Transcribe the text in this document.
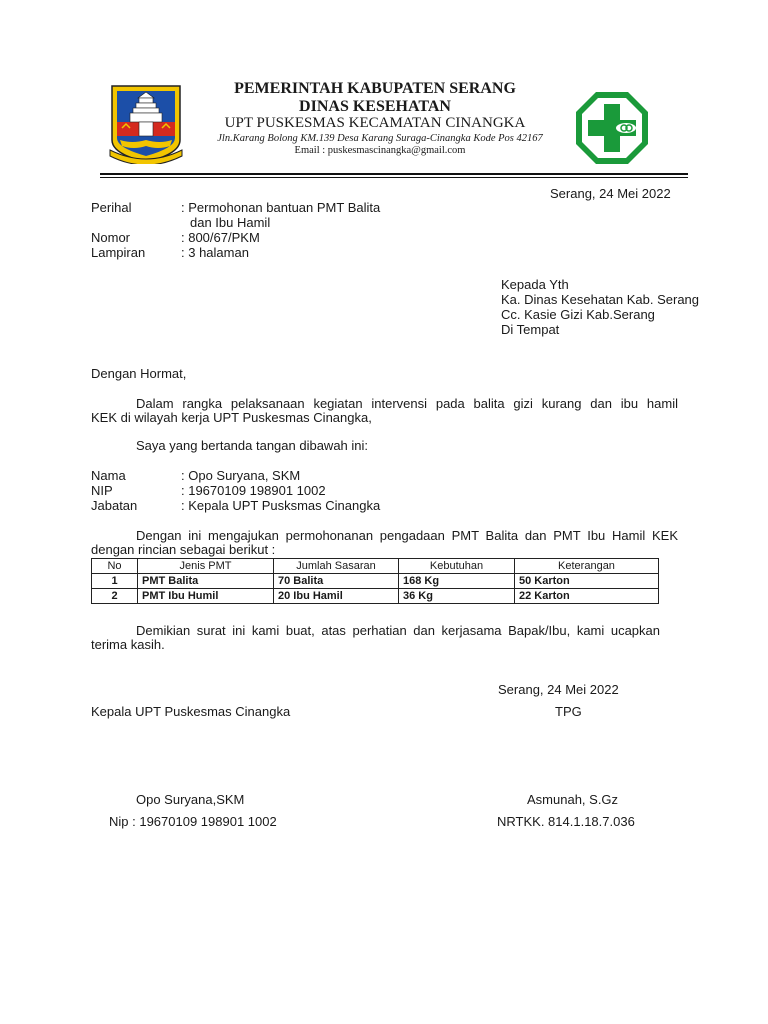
PEMERINTAH KABUPATEN SERANG
DINAS KESEHATAN
UPT PUSKESMAS KECAMATAN CINANGKA
Jln.Karang Bolong KM.139 Desa Karang Suraga-Cinangka Kode Pos 42167
Email : puskesmascinangka@gmail.com
Serang, 24 Mei 2022
Perihal	: Permohonan bantuan PMT Balita
dan Ibu Hamil
Nomor	: 800/67/PKM
Lampiran	: 3 halaman
Kepada Yth
Ka. Dinas Kesehatan Kab. Serang
Cc. Kasie Gizi Kab.Serang
Di Tempat
Dengan Hormat,
Dalam rangka pelaksanaan kegiatan intervensi pada balita gizi kurang dan ibu hamil
KEK di wilayah kerja UPT Puskesmas Cinangka,
Saya yang bertanda tangan dibawah ini:
Nama	: Opo Suryana, SKM
NIP	: 19670109 198901 1002
Jabatan	: Kepala UPT Pusksmas Cinangka
Dengan ini mengajukan permohonanan pengadaan PMT Balita dan PMT Ibu Hamil KEK
dengan rincian sebagai berikut :
No	Jenis PMT	Jumlah Sasaran	Kebutuhan	Keterangan
1	PMT Balita	70 Balita	168 Kg	50 Karton
2	PMT Ibu Humil	20 Ibu Hamil	36 Kg	22 Karton
Demikian surat ini kami buat, atas perhatian dan kerjasama Bapak/Ibu, kami ucapkan
terima kasih.
Serang, 24 Mei 2022
Kepala UPT Puskesmas Cinangka	TPG
Opo Suryana,SKM	Asmunah, S.Gz
Nip : 19670109 198901 1002	NRTKK. 814.1.18.7.036
